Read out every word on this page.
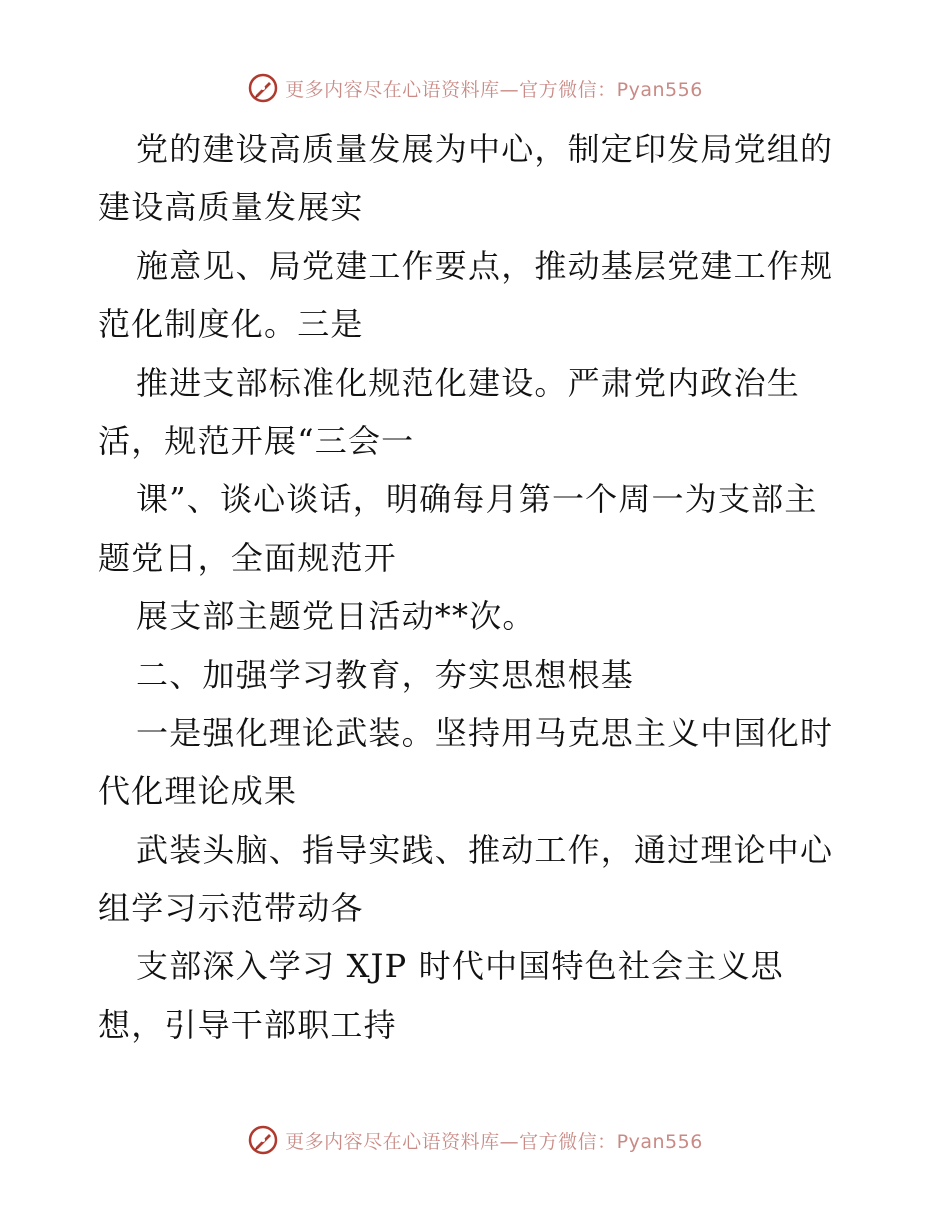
更多内容尽在心语资料库—官方微信：Pyan556
党的建设高质量发展为中心，制定印发局党组的
建设高质量发展实
施意见、局党建工作要点，推动基层党建工作规
范化制度化。三是
推进支部标准化规范化建设。严肃党内政治生
活，规范开展“三会一
课”、谈心谈话，明确每月第一个周一为支部主
题党日，全面规范开
展支部主题党日活动**次。
二、加强学习教育，夯实思想根基
一是强化理论武装。坚持用马克思主义中国化时
代化理论成果
武装头脑、指导实践、推动工作，通过理论中心
组学习示范带动各
支部深入学习 XJP 时代中国特色社会主义思
想，引导干部职工持
更多内容尽在心语资料库—官方微信：Pyan556
